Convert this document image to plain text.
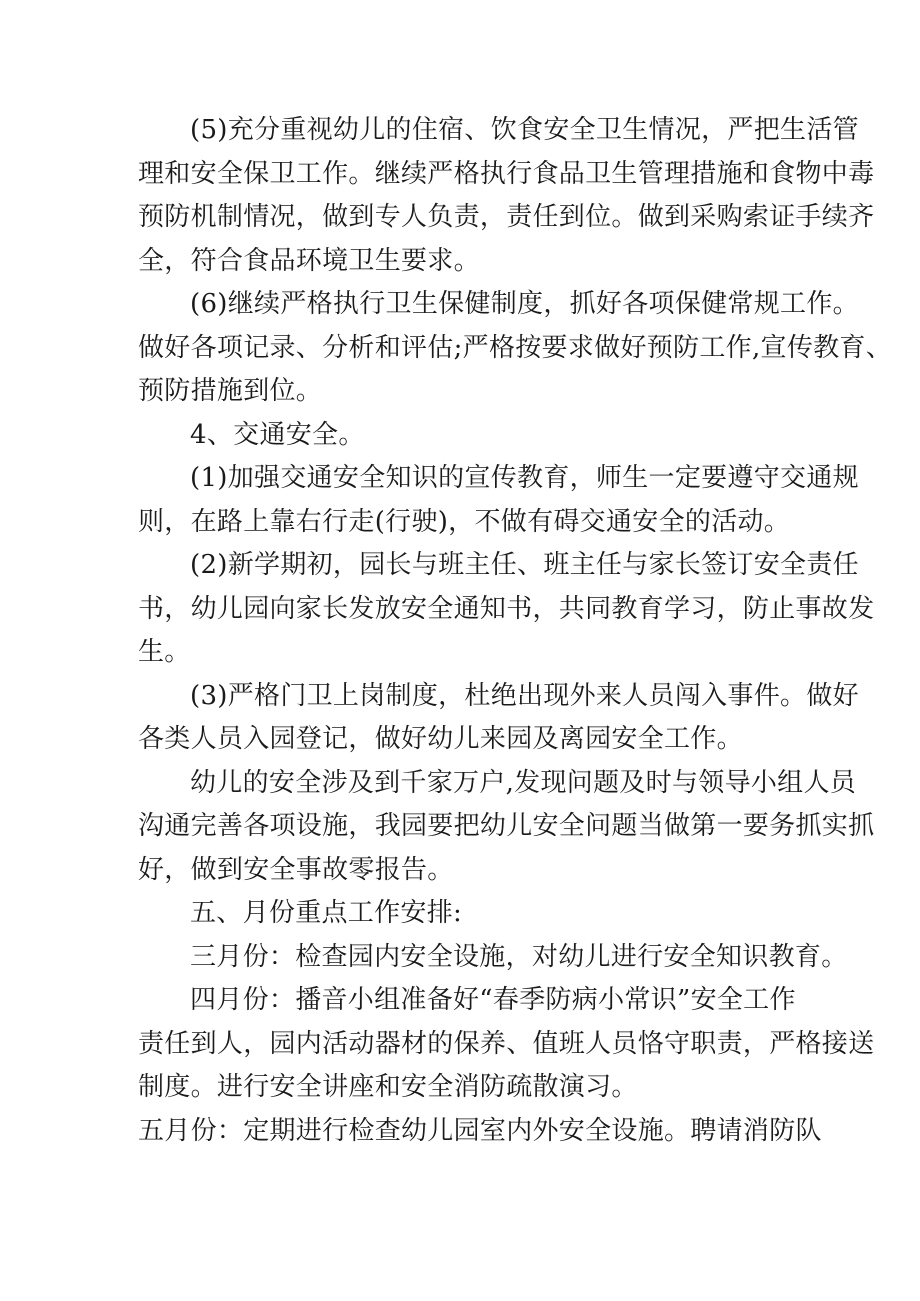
(5)充分重视幼儿的住宿、饮食安全卫生情况，严把生活管
理和安全保卫工作。继续严格执行食品卫生管理措施和食物中毒
预防机制情况，做到专人负责，责任到位。做到采购索证手续齐
全，符合食品环境卫生要求。
(6)继续严格执行卫生保健制度，抓好各项保健常规工作。
做好各项记录、分析和评估;严格按要求做好预防工作,宣传教育、
预防措施到位。
4、交通安全。
(1)加强交通安全知识的宣传教育，师生一定要遵守交通规
则，在路上靠右行走(行驶)，不做有碍交通安全的活动。
(2)新学期初，园长与班主任、班主任与家长签订安全责任
书，幼儿园向家长发放安全通知书，共同教育学习，防止事故发
生。
(3)严格门卫上岗制度，杜绝出现外来人员闯入事件。做好
各类人员入园登记，做好幼儿来园及离园安全工作。
幼儿的安全涉及到千家万户,发现问题及时与领导小组人员
沟通完善各项设施，我园要把幼儿安全问题当做第一要务抓实抓
好，做到安全事故零报告。
五、月份重点工作安排:
三月份：检查园内安全设施，对幼儿进行安全知识教育。
四月份：播音小组准备好“春季防病小常识”安全工作
责任到人，园内活动器材的保养、值班人员恪守职责，严格接送
制度。进行安全讲座和安全消防疏散演习。
五月份：定期进行检查幼儿园室内外安全设施。聘请消防队
